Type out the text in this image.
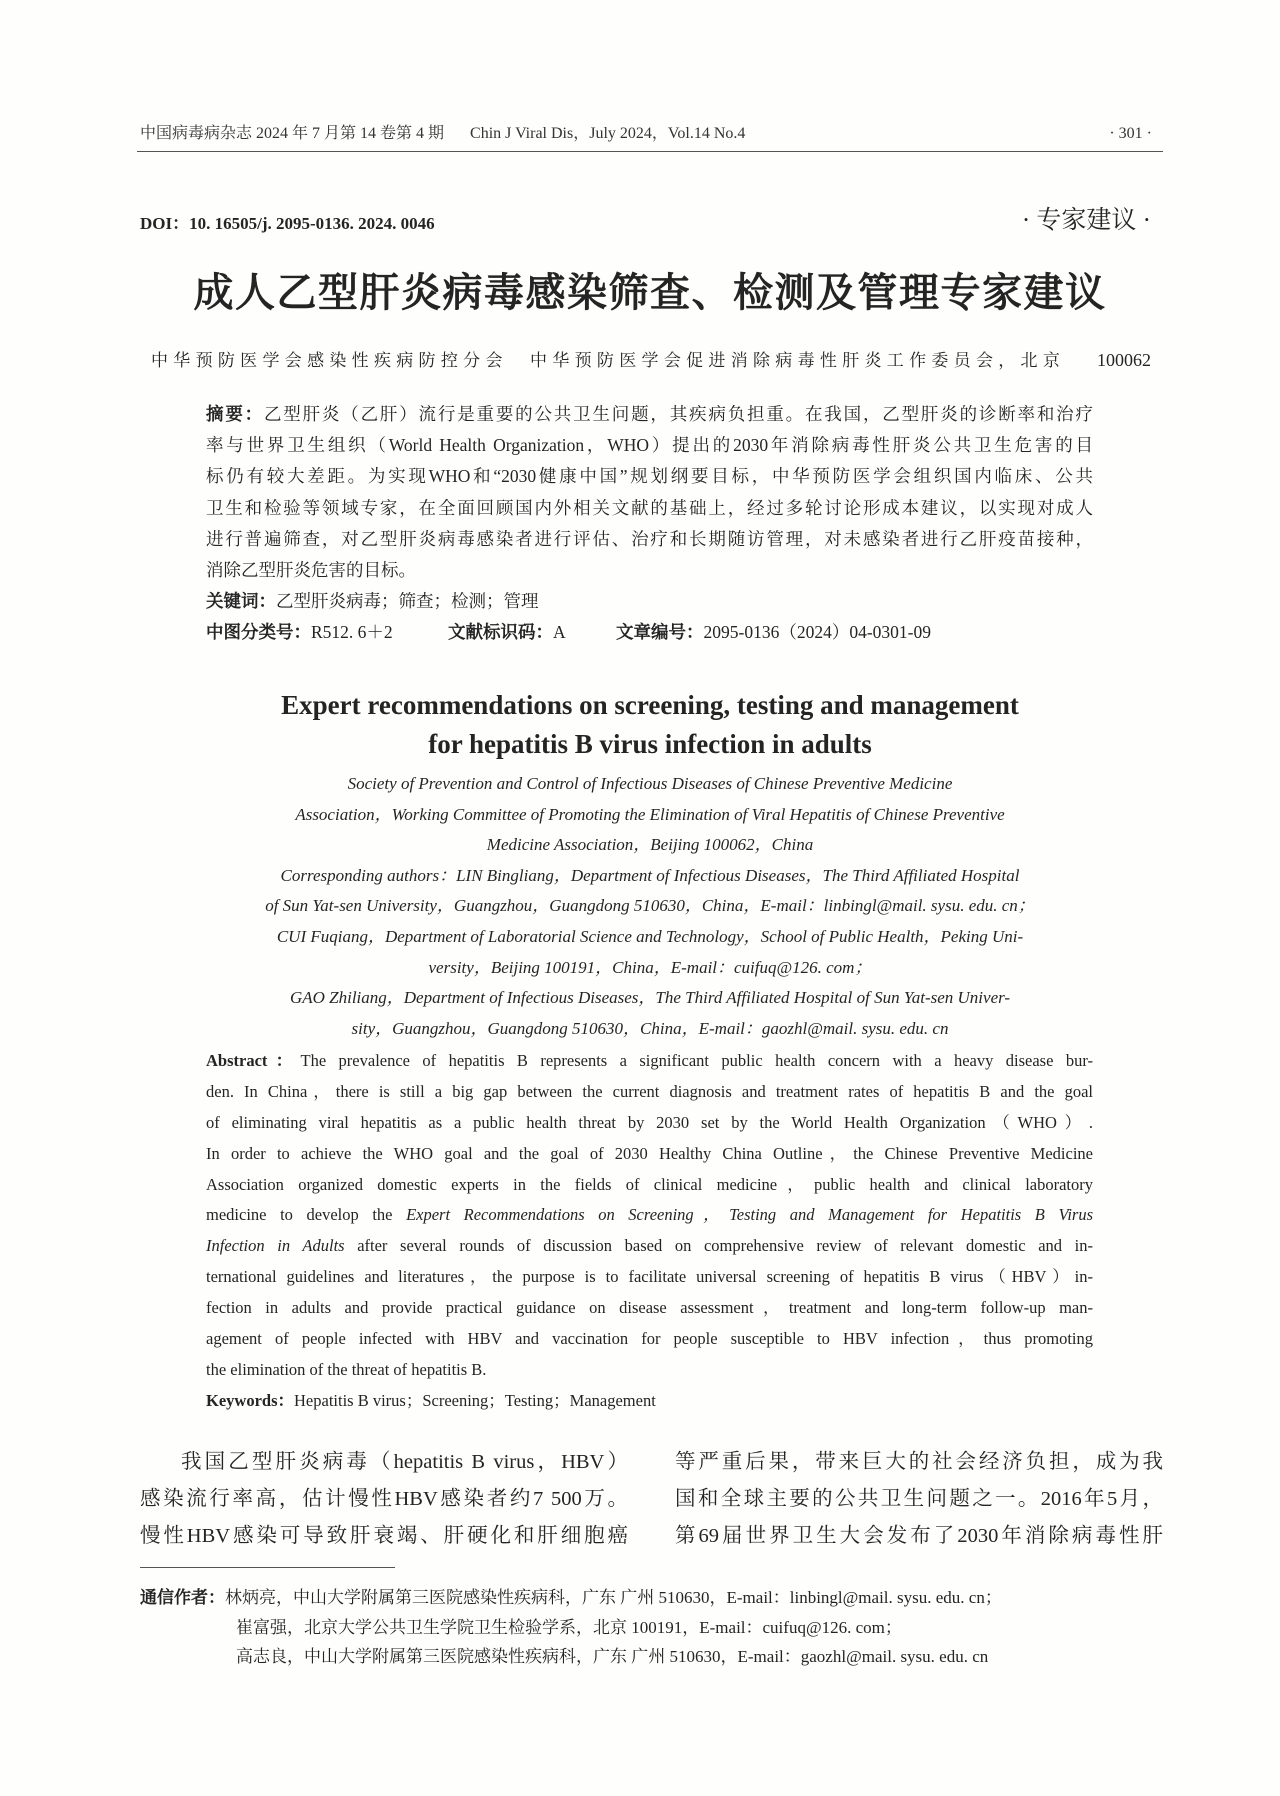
中国病毒病杂志 2024 年 7 月第 14 卷第 4 期 Chin J Viral Dis，July 2024，Vol.14 No.4	· 301 ·
DOI：10. 16505/j. 2095-0136. 2024. 0046	· 专家建议 ·
成人乙型肝炎病毒感染筛查、检测及管理专家建议
中华预防医学会感染性疾病防控分会　中华预防医学会促进消除病毒性肝炎工作委员会，北京　 100062
摘要：乙型肝炎（乙肝）流行是重要的公共卫生问题，其疾病负担重。在我国，乙型肝炎的诊断率和治疗
率与世界卫生组织（World Health Organization，WHO）提出的2030年消除病毒性肝炎公共卫生危害的目
标仍有较大差距。为实现WHO和“2030健康中国”规划纲要目标，中华预防医学会组织国内临床、公共
卫生和检验等领域专家，在全面回顾国内外相关文献的基础上，经过多轮讨论形成本建议，以实现对成人
进行普遍筛查，对乙型肝炎病毒感染者进行评估、治疗和长期随访管理，对未感染者进行乙肝疫苗接种，
消除乙型肝炎危害的目标。
关键词：乙型肝炎病毒；筛查；检测；管理
中图分类号：R512. 6＋2	文献标识码：A	文章编号：2095-0136（2024）04-0301-09
Expert recommendations on screening, testing and management
for hepatitis B virus infection in adults
Society of Prevention and Control of Infectious Diseases of Chinese Preventive Medicine
Association，Working Committee of Promoting the Elimination of Viral Hepatitis of Chinese Preventive
Medicine Association，Beijing 100062，China
Corresponding authors：LIN Bingliang，Department of Infectious Diseases，The Third Affiliated Hospital
of Sun Yat-sen University，Guangzhou，Guangdong 510630，China，E-mail：linbingl@mail. sysu. edu. cn；
CUI Fuqiang，Department of Laboratorial Science and Technology，School of Public Health，Peking Uni-
versity，Beijing 100191，China，E-mail：cuifuq@126. com；
GAO Zhiliang，Department of Infectious Diseases，The Third Affiliated Hospital of Sun Yat-sen Univer-
sity，Guangzhou，Guangdong 510630，China，E-mail：gaozhl@mail. sysu. edu. cn
Abstract：The prevalence of hepatitis B represents a significant public health concern with a heavy disease bur-
den. In China，there is still a big gap between the current diagnosis and treatment rates of hepatitis B and the goal
of eliminating viral hepatitis as a public health threat by 2030 set by the World Health Organization（WHO）.
In order to achieve the WHO goal and the goal of 2030 Healthy China Outline，the Chinese Preventive Medicine
Association organized domestic experts in the fields of clinical medicine，public health and clinical laboratory
medicine to develop the Expert Recommendations on Screening，Testing and Management for Hepatitis B Virus
Infection in Adults after several rounds of discussion based on comprehensive review of relevant domestic and in-
ternational guidelines and literatures，the purpose is to facilitate universal screening of hepatitis B virus（HBV）in-
fection in adults and provide practical guidance on disease assessment，treatment and long-term follow-up man-
agement of people infected with HBV and vaccination for people susceptible to HBV infection，thus promoting
the elimination of the threat of hepatitis B.
Keywords：Hepatitis B virus；Screening；Testing；Management
我国乙型肝炎病毒（hepatitis B virus，HBV）
感染流行率高，估计慢性HBV感染者约7 500万。
慢性HBV感染可导致肝衰竭、肝硬化和肝细胞癌
等严重后果，带来巨大的社会经济负担，成为我
国和全球主要的公共卫生问题之一。2016年5月，
第69届世界卫生大会发布了2030年消除病毒性肝
通信作者：林炳亮，中山大学附属第三医院感染性疾病科，广东 广州 510630，E-mail：linbingl@mail. sysu. edu. cn；
崔富强，北京大学公共卫生学院卫生检验学系，北京 100191，E-mail：cuifuq@126. com；
高志良，中山大学附属第三医院感染性疾病科，广东 广州 510630，E-mail：gaozhl@mail. sysu. edu. cn
